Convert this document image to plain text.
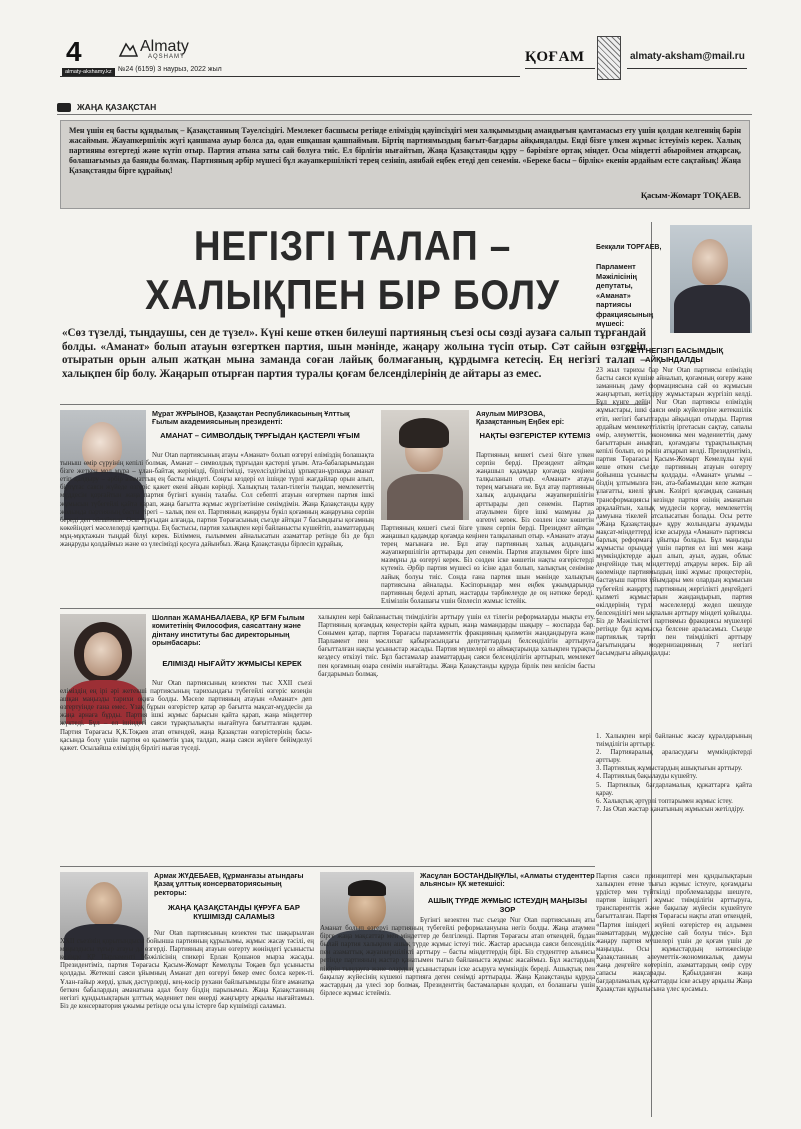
4	Almaty
AQSHAMY
almaty-akshamy.kz №24 (6159) 3 наурыз, 2022 жыл
ҚОҒАМ	almaty-aksham@mail.ru
ЖАҢА ҚАЗАҚСТАН
Мен үшін ең басты құндылық – Қазақстанның Тәуелсіздігі. Мемлекет басшысы ретінде еліміздің қауіпсіздігі мен халқымыздың амандығын қамтамасыз ету үшін қолдан келгеннің бәрін жасаймын. Жауапкершілік жүгі қаншама ауыр болса да, одан ешқашан қашпаймын. Біртің партиямыздың бағыт-бағдары айқындалды. Енді бізге үлкен жұмыс істеуіміз керек. Халық партияны өзгертеді және күтіп отыр. Партия атына заты сай болуға тиіс. Ел бірлігін нығайтып, Жаңа Қазақстанды құру – бәрімізге ортақ міндет. Осы міндетті абыроймен атқарсақ, болашағымыз да баянды болмақ. Партияның әрбір мүшесі бұл жауапкершілікті терең сезініп, аянбай еңбек етеді деп сенемін. «Береке басы – бірлік» екенін әрдайым есте сақтайық! Жаңа Қазақстанды бірге құрайық!
Қасым-Жомарт ТОҚАЕВ.
НЕГІЗГІ ТАЛАП –
ХАЛЫҚПЕН БІР БОЛУ
«Сөз түзелді, тыңдаушы, сен де түзел». Күні кеше өткен билеуші партияның съезі осы сөзді аузаға салып тұрғандай болды. «Аманат» болып атауын өзгерткен партия, шын мәнінде, жаңару жолына түсіп отыр. Сәт сайын өзгеріп отыратын орын алып жатқан мына заманда соған лайық болмағаның, құрдымға кетесің. Ең негізгі талап – халықпен бір болу. Жаңарып отырған партия туралы қоғам белсенділерінің де айтары аз емес.
Бекқали ТОРҒАЕВ,
Парламент Мәжілісінің депутаты, «Аманат» партиясы фракциясының мүшесі:
ЖЕТІ НЕГІЗГІ БАСЫМДЫҚ АЙҚЫНДАЛДЫ
23 жыл тарихы бар Nur Otan партиясы еліміздің басты саяси күшіне айналып, қоғамның өзгеру және заманның даму формациясына сай өз жұмысын жаңғыртып, жетілдіру жұмыстарын жүргізіп келді. Бұл күнге дейін Nur Otan партиясы еліміздің жұмыстары, ішкі саяси өмір жүйелеріне жетекшілік етіп, негізгі бағыттарды айқындап отырды. Партия әрдайым мемлекеттіліктің іргетасын сақтау, сапалы өмір, әлеуметтік, экономика мен мәдениеттің даму бағыттарын анықтап, қоғамдағы тұрақтылықтың кепілі болып, өз рөлін атқарып келді. Президентіміз, партия Төрағасы Қасым-Жомарт Кемелұлы күні кеше өткен съезде партияның атауын өзгерту бойынша үсынысты қолдады. «Аманат» ұғымы – біздің ұлтымызға тән, ата-бабамыздан келе жатқан ұлағатты, киелі ұғым. Кәзіргі қоғамдық сананың трансформациясы кезінде партия өзінің аманатын арқалайтын, халық мүддесін қорғау, мемлекеттің дамуына тікелей атсалысатын болады. Осы ретте «Жаңа Қазақстанды» құру жолындағы ауқымды мақсат-міндеттерді іске асыруда «Аманат» партиясы барлық реформаға ұйытқы болады. Бұл маңызды жұмысты орындау үшін партия ел іші мен жаңа мүмкіндіктерде ақыл алып, ауыл, аудан, облыс деңгейінде тың міндеттерді атқаруы керек. Бір ай көлемінде партиямыздың ішкі жұмыс процестерін, бастауыш партия ұйымдары мен олардың жұмысын түбегейлі жаңарту, партияның жергілікті деңгейдегі қызметі жұмыстарын жандандырып, партия өкілдерінің түрлі мәселелерді жедел шешуде белсенділігі мен ықпалын арттыру міндеті қойылды. Біз де Мәжілістегі партиямыз фракциясы мүшелері ретінде бұл жұмысқа белсене араласамыз. Съезде партиялық тәртіп пен тиімділікті арттыру бағытындағы модернизацияның 7 негізгі басымдығы айқындалды:
1. Халықпен кері байланыс жасау құралдарының тиімділігін арттыру.
2. Партияаралық араласудағы мүмкіндіктерді арттыру.
3. Партиялық жұмыстардың ашықтығын арттыру.
4. Партиялық бақылауды күшейту.
5. Партиялық бағдарламалық құжаттарға қайта қарау.
6. Халықтық әртүрлі топтарымен жұмыс істеу.
7. Jas Otan жастар қанатының жұмысын жетілдіру.
Партия саяси принциптері мен құндылықтарын халықпен етене тығыз жұмыс істеуге, қоғамдағы ұрдістер мен түйткілді проблемаларды шешуге, партия ішіндегі жұмыс тиімділігін арттыруға, транспаренттік және бақылау жүйесін күшейтуге бағытталған. Партия Төрағасы нақты атап өткендей, «Партия ішіндегі жүйелі өзгерістер ең алдымен азаматтардың мүддесіне сай болуы тиіс». Бұл жаңару партия мүшелері үшін де қоғам үшін де маңызды. Осы жұмыстардың нәтижесінде Қазақстанның әлеуметтік-экономикалық дамуы жаңа деңгейге көтеріліп, азаматтардың өмір сүру сапасы жақсарады. Қабылданған жаңа бағдарламалық құжаттарды іске асыру арқылы Жаңа Қазақстан құрылысына үлес қосамыз.
Мұрат ЖҰРЫНОВ, Қазақстан Республикасының Ұлттық Ғылым академиясының президенті:
АМАНАТ – СИМВОЛДЫҚ ТҰРҒЫДАН ҚАСТЕРЛІ ҰҒЫМ
Nur Otan партиясының атауы «Аманат» болып өзгеруі еліміздің болашақта тыныш өмір сүруінің кепілі болмақ. Аманат – символдық тұрғыдан қастерлі ұғым. Ата-бабаларымыздан бізге жеткен мол мұра – ұлан-байтақ жерімізді, бірлігімізді, тәуелсіздігімізді ұрпақтан-ұрпаққа аманат етіп қалдыру – әрбір азаматтың ең басты міндеті. Соңғы кездері ел ішінде түрлі жағдайлар орын алып, біртұтас саяси жүйеде өзгеріс қажет екені айқын көрінді. Халықтың талап-тілегін тыңдап, мемлекеттің мүддесін қорғайтын жаңа партия бүгінгі күннің талабы. Сол себепті атауын өзгерткен партия ішкі жұмысын түбегейлі қайта қарап, жаңа бағытта жұмыс жүргізетініне сенімдімін. Жаңа Қазақстанды құру жолында партияның басты тірегі – халық пен ел. Партияның жаңаруы бүкіл қоғамның жаңаруына серпін береді деп ойлаймын. Осы тұрғыдан алғанда, партия Төрағасының съезде айтқан 7 басымдығы қоғамның көкейіндегі мәселелерді қамтиды. Ең бастысы, партия халықпен кері байланысты күшейтіп, азаматтардың мұң-мұқтажын тыңдай білуі керек. Біліммен, ғылыммен айналысатын азаматтар ретінде біз де бұл жаңаруды қолдаймыз және өз үлесімізді қосуға дайынбыз. Жаңа Қазақстанды бірлесіп құрайық.
Аяулым МИРЗОВА, Қазақстанның Еңбек ері:
НАҚТЫ ӨЗГЕРІСТЕР КҮТЕМІЗ
Партияның кешегі съезі бізге үлкен серпін берді. Президент айтқан жаңашыл қадамдар қоғамда кеңінен талқыланып отыр. «Аманат» атауы терең мағынаға ие. Бұл атау партияның халық алдындағы жауапкершілігін арттырады деп сенемін. Партия атаулымен бірге ішкі мазмұны да өзгеруі керек. Біз сөзден іске көшетін
Партияның кешегі съезі бізге үлкен серпін берді. Президент айтқан жаңашыл қадамдар қоғамда кеңінен талқыланып отыр. «Аманат» атауы терең мағынаға ие. Бұл атау партияның халық алдындағы жауапкершілігін арттырады деп сенемін. Партия атаулымен бірге ішкі мазмұны да өзгеруі керек. Біз сөзден іске көшетін нақты өзгерістерді күтеміз. Әрбір партия мүшесі өз ісіне адал болып, халықтың сеніміне лайық болуы тиіс. Сонда ғана партия шын мәнінде халықтың партиясына айналады. Кәсіпорындар мен еңбек ұжымдарында партияның беделі артып, жастарды тәрбиелеуде де оң нәтиже береді. Еліміздің болашағы үшін бірлесіп жұмыс істейік.
Шолпан ЖАМАНБАЛАЕВА, ҚР БҒМ Ғылым комитетінің Философия, саясаттану және дінтану институты бас директорының орынбасары:
ЕЛІМІЗДІ НЫҒАЙТУ ЖҰМЫСЫ КЕРЕК
Nur Otan партиясының кезектен тыс XXII съезі еліміздің ең ірі әрі жетекші партиясының тарихындағы түбегейлі өзгеріс кезеңін ашқан маңызды тарихи оқиға болды. Мәселе партияның атауын «Аманат» деп өзгертуінде ғана емес. Ұзақ бұрын өзгерістер қатар әр бағытта мақсат-мүддесін да жаңа арнаға бұрды. Партия ішкі жұмыс барысын қайта қарап, жаңа міндеттер жүктеді. Бұл – ел ішіндегі саяси тұрақтылықты нығайтуға бағытталған қадам. Партия Төрағасы Қ.К.Тоқаев атап өткендей, жаңа Қазақстан өзгерістерінің басы-қасында болу үшін партия өз қызметін ұзақ талдап, жаңа саяси жүйеге бейімделуі қажет. Осылайша еліміздің бірлігі нығая түседі.
халықпен кері байланыстың тиімділігін арттыру үшін ел тілегін реформаларды мықты ету. Партияның қоғамдық кеңестерін қайта құрып, жаңа мамандарды шақыру – жоспарда бар. Сонымен қатар, партия Төрағасы парламенттік фракцияның қызметін жандандыруға және Парламент пен мәслихат қабырғасындағы депутаттардың белсенділігін арттыруға бағытталған нақты ұсыныстар жасады. Партия мүшелері өз аймақтарында халықпен тұрақты кездесу өткізуі тиіс. Бұл бастамалар азаматтардың саяси белсенділігін арттырып, мемлекет пен қоғамның өзара сенімін нығайтады. Жаңа Қазақстанды құруда бірлік пен келісім басты бағдарымыз болмақ.
Армак ЖҮДЕБАЕВ, Құрманғазы атындағы Қазақ ұлттық консерваториясының ректоры:
ЖАҢА ҚАЗАҚСТАНДЫ ҚҰРУҒА БАР КҮШІМІЗДІ САЛАМЫЗ
Nur Otan партиясының кезектен тыс шақырылған XXII съезінің қорытындысы бойынша партияның құрылымы, жұмыс жасау тәсілі, ең маңыздысы тұғыр атауы да өзгерді. Партияның атауын өзгерту жөніндегі ұсынысты кезінде ҚР Парламенті Мәжілісінің спикері Ерлан Қошанов мырза жасады. Президентіміз, партия Төрағасы Қасым-Жомарт Кемелұлы Тоқаев бұл ұсынысты қолдады. Жетекші саяси ұйымның Аманат деп өзгеруі бекер емес болса керек-ті. Ұлан-ғайыр жерді, ұлық дәстүрлерді, кең-көсір рухани байлығымызды бізге аманатқа беткен бабалардың аманатына адал болу біздің парызымыз. Жаңа Қазақстанның негізгі құндылықтарын ұлттық мәдениет пен өнерді жаңғырту арқылы нығайтамыз. Біз де консерватория ұжымы ретінде осы ұлы істерге бар күшімізді саламыз.
Жасұлан БОСТАНДЫҚҰЛЫ, «Алматы студенттер альянсы» ҚК жетекшісі:
АШЫҚ ТҮРДЕ ЖҰМЫС ІСТЕУДІҢ МАҢЫЗЫ ЗОР
Бүгінгі кезектен тыс съезде Nur Otan партиясының аты Аманат болып өзгеруі партияның түбегейлі реформалануына негіз болды. Жаңа атаумен бірге жаңа мақсаттар мен міндеттер де белгіленді. Партия Төрағасы атап өткендей, бұдан былай партия халықпен ашық түрде жұмыс істеуі тиіс. Жастар арасында саяси белсенділік пен азаматтық жауапкершілікті арттыру – басты міндеттердің бірі. Біз студенттер альянсы ретінде партияның жастар қанатымен тығыз байланыста жұмыс жасаймыз. Бұл жастардың пікірін тыңдауға және олардың ұсыныстарын іске асыруға мүмкіндік береді. Ашықтық пен бақылау жүйесінің күшеюі партияға деген сенімді арттырады. Жаңа Қазақстанды құруда жастардың да үлесі зор болмақ. Президенттің бастамаларын қолдап, ел болашағы үшін бірлесе жұмыс істейміз.
